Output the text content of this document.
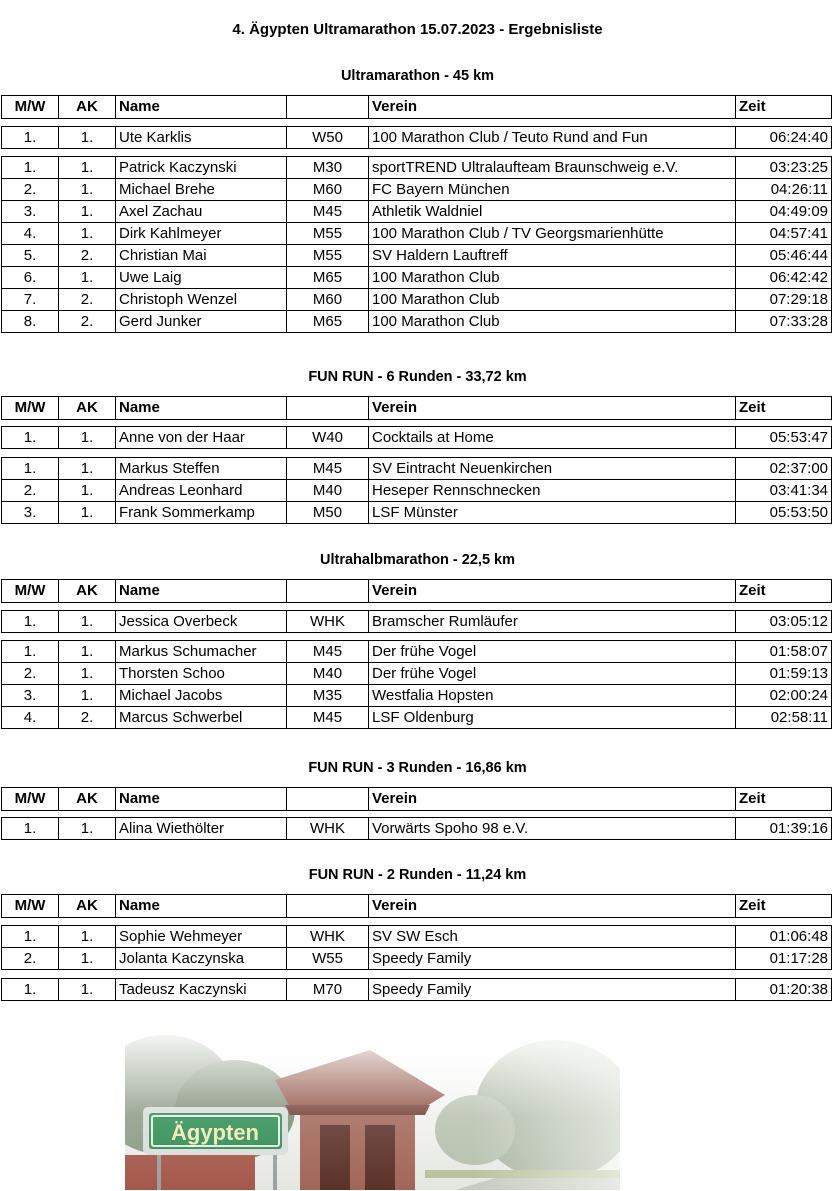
4. Ägypten Ultramarathon 15.07.2023 - Ergebnisliste
Ultramarathon - 45 km
M/W	AK	Name		Verein	Zeit
1.	1.	Ute Karklis	W50	100 Marathon Club / Teuto Rund and Fun	06:24:40
1.	1.	Patrick Kaczynski	M30	sportTREND Ultralaufteam Braunschweig e.V.	03:23:25
2.	1.	Michael Brehe	M60	FC Bayern München	04:26:11
3.	1.	Axel Zachau	M45	Athletik Waldniel	04:49:09
4.	1.	Dirk Kahlmeyer	M55	100 Marathon Club / TV Georgsmarienhütte	04:57:41
5.	2.	Christian Mai	M55	SV Haldern Lauftreff	05:46:44
6.	1.	Uwe Laig	M65	100 Marathon Club	06:42:42
7.	2.	Christoph Wenzel	M60	100 Marathon Club	07:29:18
8.	2.	Gerd Junker	M65	100 Marathon Club	07:33:28
FUN RUN - 6 Runden - 33,72 km
M/W	AK	Name		Verein	Zeit
1.	1.	Anne von der Haar	W40	Cocktails at Home	05:53:47
1.	1.	Markus Steffen	M45	SV Eintracht Neuenkirchen	02:37:00
2.	1.	Andreas Leonhard	M40	Heseper Rennschnecken	03:41:34
3.	1.	Frank Sommerkamp	M50	LSF Münster	05:53:50
Ultrahalbmarathon - 22,5 km
M/W	AK	Name		Verein	Zeit
1.	1.	Jessica Overbeck	WHK	Bramscher Rumläufer	03:05:12
1.	1.	Markus Schumacher	M45	Der frühe Vogel	01:58:07
2.	1.	Thorsten Schoo	M40	Der frühe Vogel	01:59:13
3.	1.	Michael Jacobs	M35	Westfalia Hopsten	02:00:24
4.	2.	Marcus Schwerbel	M45	LSF Oldenburg	02:58:11
FUN RUN - 3 Runden - 16,86 km
M/W	AK	Name		Verein	Zeit
1.	1.	Alina Wiethölter	WHK	Vorwärts Spoho 98 e.V.	01:39:16
FUN RUN - 2 Runden - 11,24 km
M/W	AK	Name		Verein	Zeit
1.	1.	Sophie Wehmeyer	WHK	SV SW Esch	01:06:48
2.	1.	Jolanta Kaczynska	W55	Speedy Family	01:17:28
1.	1.	Tadeusz Kaczynski	M70	Speedy Family	01:20:38
